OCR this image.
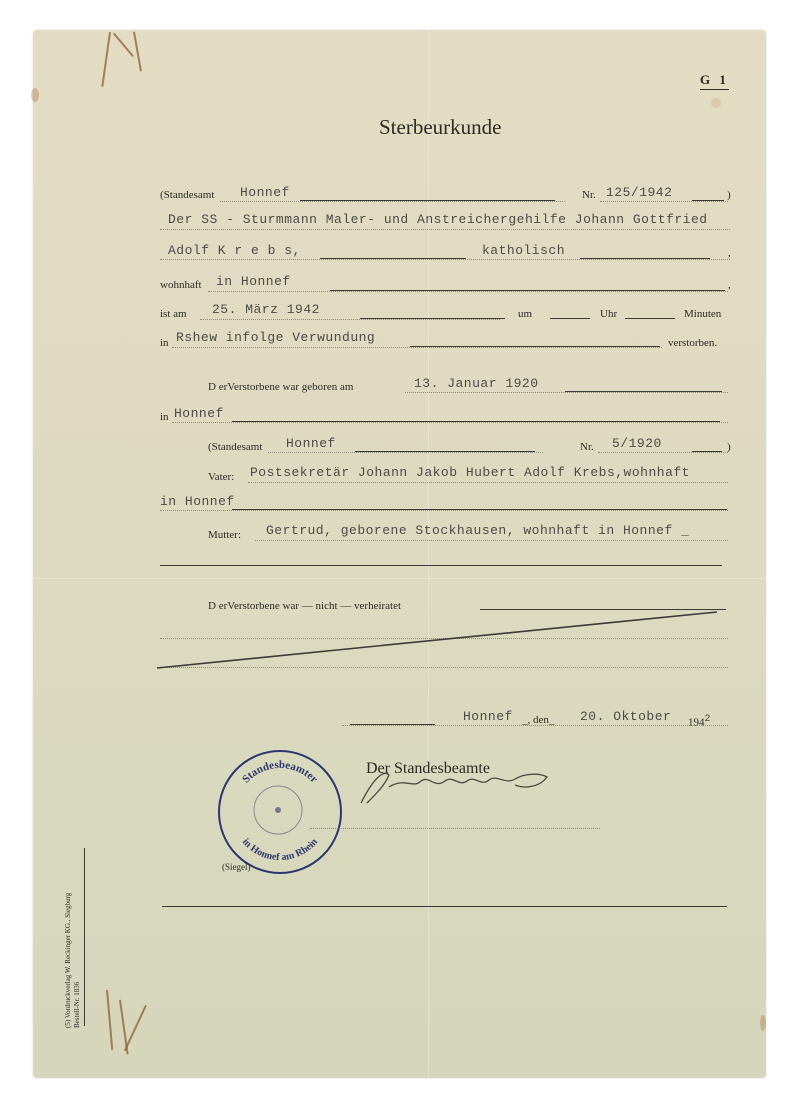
G 1
Sterbeurkunde
(Standesamt Honnef	Nr. 125/1942	)
Der SS - Sturmmann Maler- und Anstreichergehilfe Johann Gottfried
Adolf K r e b s,	katholisch	,
wohnhaft in Honnef	,
ist am 25. März 1942	um	Uhr	Minuten
in Rshew infolge Verwundung	verstorben.
D erVerstorbene war geboren am	13. Januar 1920
in Honnef
(Standesamt Honnef	Nr. 5/1920	)
Vater: Postsekretär Johann Jakob Hubert Adolf Krebs,wohnhaft
in Honnef
Mutter: Gertrud, geborene Stockhausen, wohnhaft in Honnef _
D erVerstorbene war — nicht — verheiratet
Honnef _, den_ 20. Oktober $194^2$
Standesbeamter
in Honnef am Rhein
(Siegel)
Der Standesbeamte
(5) Vordruckverlag W. Reckinger KG., Siegburg Bestell-Nr. 1836
